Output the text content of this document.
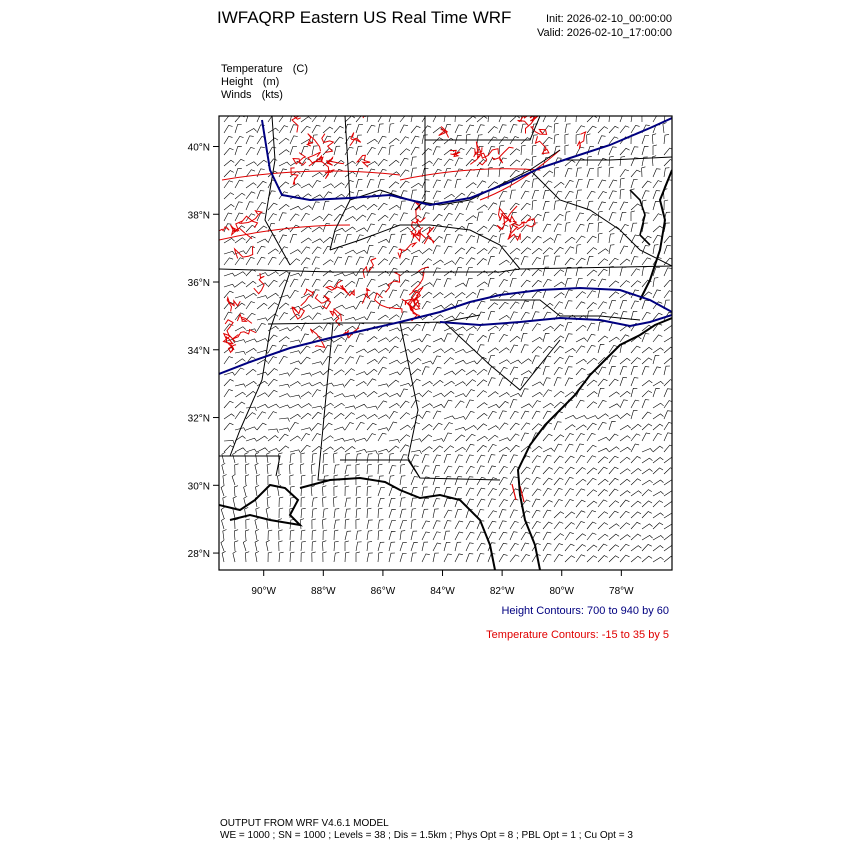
IWFAQRP Eastern US Real Time WRF	Init: 2026-02-10_00:00:00
Valid: 2026-02-10_17:00:00
Temperature (C)
Height (m)
Winds (kts)
40°N
38°N
36°N
34°N
32°N
30°N
28°N
90°W	88°W	86°W	84°W	82°W	80°W	78°W
Height Contours: 700 to 940 by 60
Temperature Contours: -15 to 35 by 5
OUTPUT FROM WRF V4.6.1 MODEL
WE = 1000 ; SN = 1000 ; Levels = 38 ; Dis = 1.5km ; Phys Opt = 8 ; PBL Opt = 1 ; Cu Opt = 3
